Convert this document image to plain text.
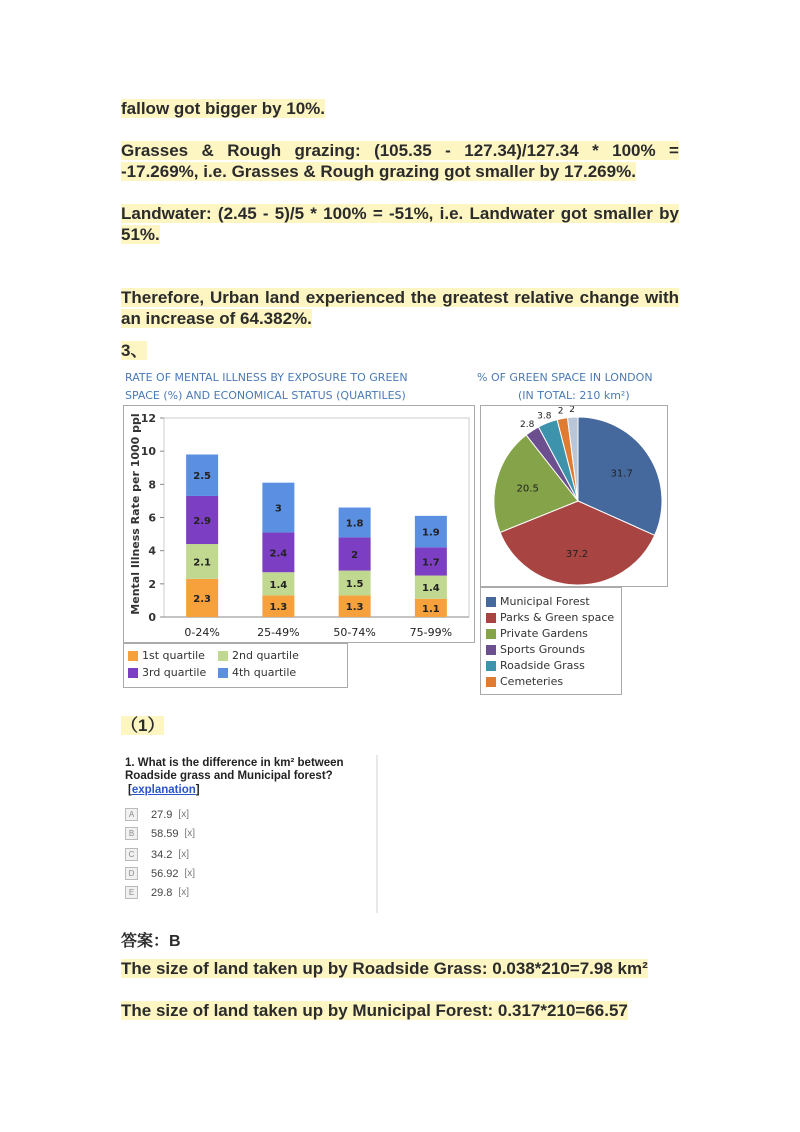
fallow got bigger by 10%.
Grasses & Rough grazing: (105.35 - 127.34)/127.34 * 100% = -17.269%, i.e. Grasses & Rough grazing got smaller by 17.269%.
Landwater: (2.45 - 5)/5 * 100% = -51%, i.e. Landwater got smaller by 51%.
Therefore, Urban land experienced the greatest relative change with an increase of 64.382%.
3、
RATE OF MENTAL ILLNESS BY EXPOSURE TO GREEN
SPACE (%) AND ECONOMICAL STATUS (QUARTILES)
0
2
4
6
8
10
12
2.3
2.1
2.9
2.5
0-24%
1.3
1.4
2.4
3
25-49%
1.3
1.5
2
1.8
50-74%
1.1
1.4
1.7
1.9
75-99%
Mental Illness Rate per 1000 ppl
1st quartile 2nd quartile
3rd quartile 4th quartile
% OF GREEN SPACE IN LONDON
(IN TOTAL: 210 km²)
31.7
37.2
20.5
2.8
3.8 2 2
Municipal Forest
Parks & Green space
Private Gardens
Sports Grounds
Roadside Grass
Cemeteries
（1）
1. What is the difference in km² between Roadside grass and Municipal forest?
[explanation]
A	27.9 [x]
B	58.59 [x]
C	34.2 [x]
D	56.92 [x]
E	29.8 [x]
答案：B
The size of land taken up by Roadside Grass: 0.038*210=7.98 km²
The size of land taken up by Municipal Forest: 0.317*210=66.57
